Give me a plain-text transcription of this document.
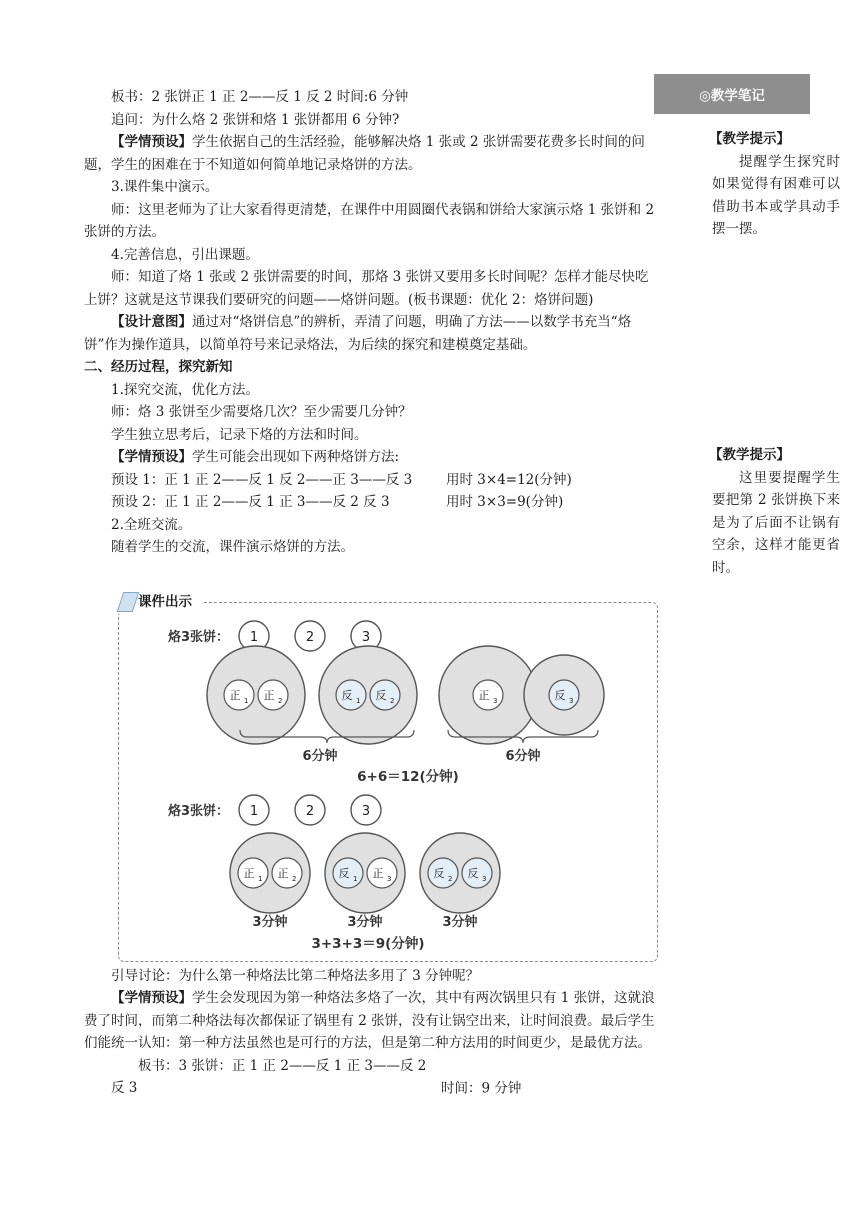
板书：2 张饼正 1 正 2——反 1 反 2 时间:6 分钟

追问：为什么烙 2 张饼和烙 1 张饼都用 6 分钟?

【学情预设】学生依据自己的生活经验，能够解决烙 1 张或 2 张饼需要花费多长时间的问题，学生的困难在于不知道如何简单地记录烙饼的方法。

3.课件集中演示。

师：这里老师为了让大家看得更清楚，在课件中用圆圈代表锅和饼给大家演示烙 1 张饼和 2 张饼的方法。

4.完善信息，引出课题。

师：知道了烙 1 张或 2 张饼需要的时间，那烙 3 张饼又要用多长时间呢？怎样才能尽快吃上饼？这就是这节课我们要研究的问题——烙饼问题。(板书课题：优化 2：烙饼问题)

【设计意图】通过对“烙饼信息”的辨析，弄清了问题，明确了方法——以数学书充当“烙饼”作为操作道具，以简单符号来记录烙法，为后续的探究和建模奠定基础。

二、经历过程，探究新知

1.探究交流，优化方法。

师：烙 3 张饼至少需要烙几次？至少需要几分钟？

学生独立思考后，记录下烙的方法和时间。

【学情预设】学生可能会出现如下两种烙饼方法:

预设 1：正 1 正 2——反 1 反 2——正 3——反 3	用时 3×4=12(分钟)

预设 2：正 1 正 2——反 1 正 3——反 2 反 3	用时 3×3=9(分钟)

2.全班交流。

随着学生的交流，课件演示烙饼的方法。

引导讨论：为什么第一种烙法比第二种烙法多用了 3 分钟呢？

【学情预设】学生会发现因为第一种烙法多烙了一次，其中有两次锅里只有 1 张饼，这就浪费了时间，而第二种烙法每次都保证了锅里有 2 张饼，没有让锅空出来，让时间浪费。最后学生们能统一认知：第一种方法虽然也是可行的方法，但是第二种方法用的时间更少，是最优方法。

板书：3 张饼：正 1 正 2——反 1 正 3——反 2 反 3	时间：9 分钟

◎教学笔记
【教学提示】
提醒学生探究时如果觉得有困难可以借助书本或学具动手摆一摆。
【教学提示】
这里要提醒学生要把第 2 张饼换下来是为了后面不让锅有空余，这样才能更省时。
课件出示
烙3张饼： 1	2	3
正 1 正 2	反 1 反 2	正 3	反 3
6分钟	6分钟
6+6＝12(分钟)
烙3张饼： 1	2	3
正 1 正 2	反 1 正 3	反 2 反 3
3分钟	3分钟	3分钟
3+3+3＝9(分钟)
